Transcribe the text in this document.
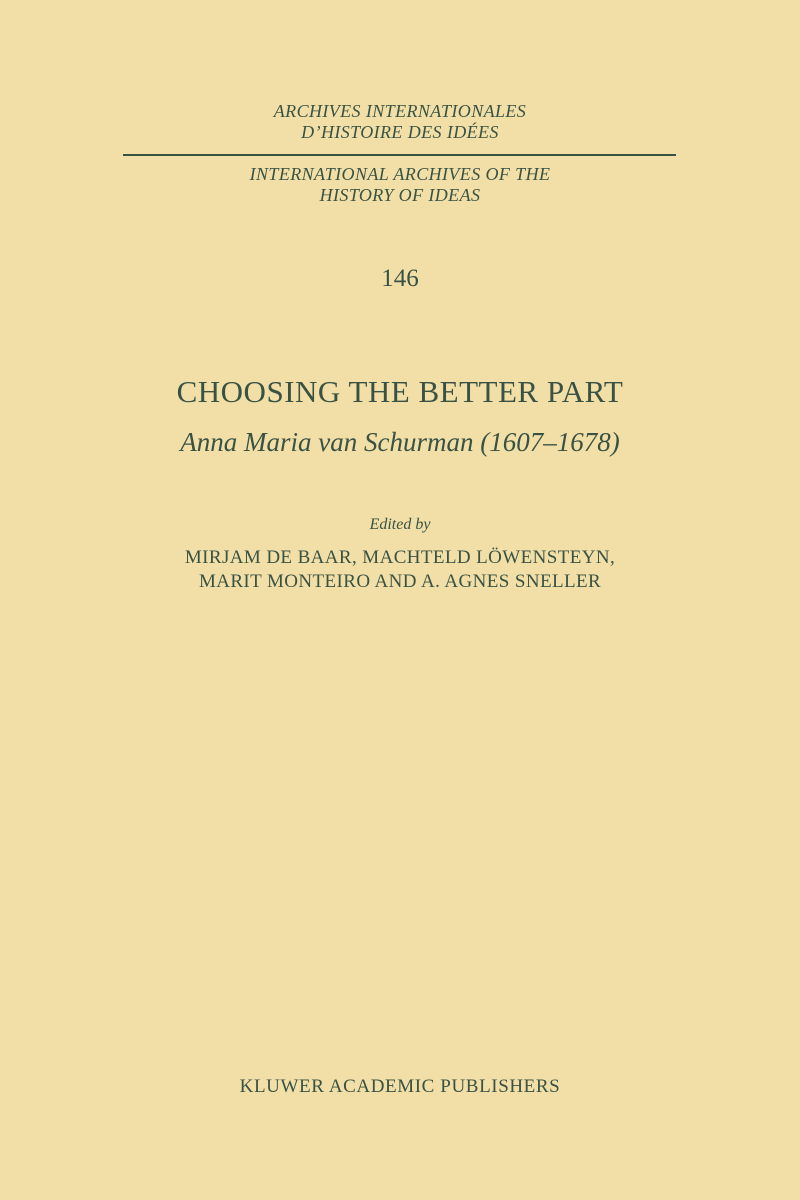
ARCHIVES INTERNATIONALES
D’HISTOIRE DES IDÉES
INTERNATIONAL ARCHIVES OF THE
HISTORY OF IDEAS
146
CHOOSING THE BETTER PART
Anna Maria van Schurman (1607–1678)
Edited by
MIRJAM DE BAAR, MACHTELD LÖWENSTEYN,
MARIT MONTEIRO AND A. AGNES SNELLER
KLUWER ACADEMIC PUBLISHERS
